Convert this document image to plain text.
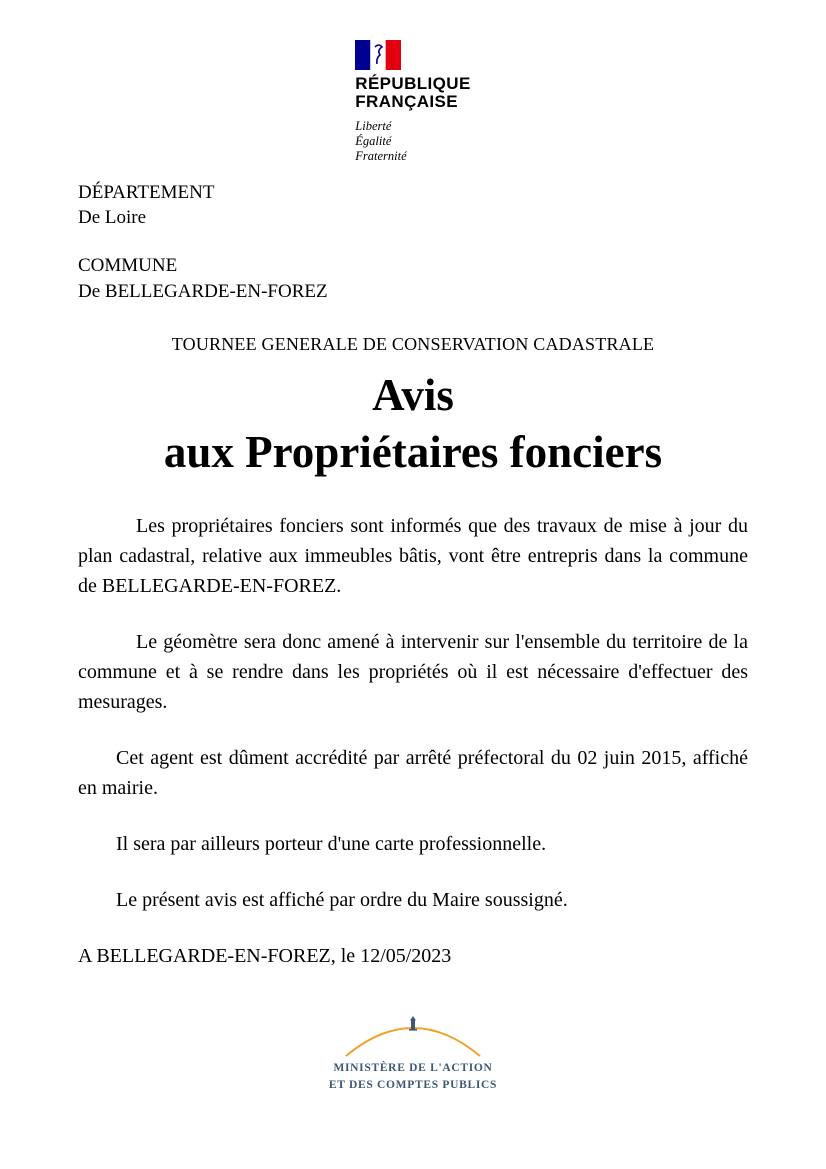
RÉPUBLIQUE
FRANÇAISE
Liberté
Égalité
Fraternité
DÉPARTEMENT
De Loire
COMMUNE
De BELLEGARDE-EN-FOREZ
TOURNEE GENERALE DE CONSERVATION CADASTRALE
Avis
aux Propriétaires fonciers

Les propriétaires fonciers sont informés que des travaux de mise à jour du plan cadastral, relative aux immeubles bâtis, vont être entrepris dans la commune de BELLEGARDE-EN-FOREZ.

Le géomètre sera donc amené à intervenir sur l'ensemble du territoire de la commune et à se rendre dans les propriétés où il est nécessaire d'effectuer des mesurages.

Cet agent est dûment accrédité par arrêté préfectoral du 02 juin 2015, affiché en mairie.

Il sera par ailleurs porteur d'une carte professionnelle.

Le présent avis est affiché par ordre du Maire soussigné.

A BELLEGARDE-EN-FOREZ, le 12/05/2023

MINISTÈRE DE L'ACTION
ET DES COMPTES PUBLICS
